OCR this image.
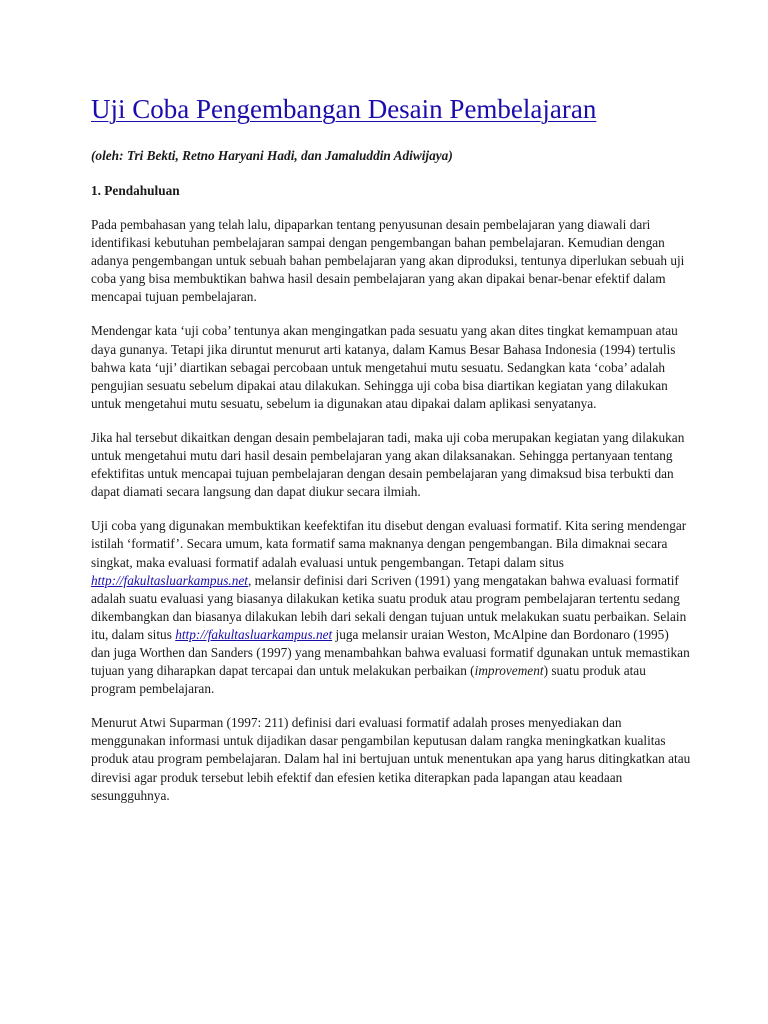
Uji Coba Pengembangan Desain Pembelajaran
(oleh: Tri Bekti, Retno Haryani Hadi, dan Jamaluddin Adiwijaya)
1. Pendahuluan

Pada pembahasan yang telah lalu, dipaparkan tentang penyusunan desain pembelajaran yang diawali dari identifikasi kebutuhan pembelajaran sampai dengan pengembangan bahan pembelajaran. Kemudian dengan adanya pengembangan untuk sebuah bahan pembelajaran yang akan diproduksi, tentunya diperlukan sebuah uji coba yang bisa membuktikan bahwa hasil desain pembelajaran yang akan dipakai benar-benar efektif dalam mencapai tujuan pembelajaran.

Mendengar kata ‘uji coba’ tentunya akan mengingatkan pada sesuatu yang akan dites tingkat kemampuan atau daya gunanya. Tetapi jika diruntut menurut arti katanya, dalam Kamus Besar Bahasa Indonesia (1994) tertulis bahwa kata ‘uji’ diartikan sebagai percobaan untuk mengetahui mutu sesuatu. Sedangkan kata ‘coba’ adalah pengujian sesuatu sebelum dipakai atau dilakukan. Sehingga uji coba bisa diartikan kegiatan yang dilakukan untuk mengetahui mutu sesuatu, sebelum ia digunakan atau dipakai dalam aplikasi senyatanya.

Jika hal tersebut dikaitkan dengan desain pembelajaran tadi, maka uji coba merupakan kegiatan yang dilakukan untuk mengetahui mutu dari hasil desain pembelajaran yang akan dilaksanakan. Sehingga pertanyaan tentang efektifitas untuk mencapai tujuan pembelajaran dengan desain pembelajaran yang dimaksud bisa terbukti dan dapat diamati secara langsung dan dapat diukur secara ilmiah.

Uji coba yang digunakan membuktikan keefektifan itu disebut dengan evaluasi formatif. Kita sering mendengar istilah ‘formatif’. Secara umum, kata formatif sama maknanya dengan pengembangan. Bila dimaknai secara singkat, maka evaluasi formatif adalah evaluasi untuk pengembangan. Tetapi dalam situs http://fakultasluarkampus.net, melansir definisi dari Scriven (1991) yang mengatakan bahwa evaluasi formatif adalah suatu evaluasi yang biasanya dilakukan ketika suatu produk atau program pembelajaran tertentu sedang dikembangkan dan biasanya dilakukan lebih dari sekali dengan tujuan untuk melakukan suatu perbaikan. Selain itu, dalam situs http://fakultasluarkampus.net juga melansir uraian Weston, McAlpine dan Bordonaro (1995) dan juga Worthen dan Sanders (1997) yang menambahkan bahwa evaluasi formatif dgunakan untuk memastikan tujuan yang diharapkan dapat tercapai dan untuk melakukan perbaikan (improvement) suatu produk atau program pembelajaran.

Menurut Atwi Suparman (1997: 211) definisi dari evaluasi formatif adalah proses menyediakan dan menggunakan informasi untuk dijadikan dasar pengambilan keputusan dalam rangka meningkatkan kualitas produk atau program pembelajaran. Dalam hal ini bertujuan untuk menentukan apa yang harus ditingkatkan atau direvisi agar produk tersebut lebih efektif dan efesien ketika diterapkan pada lapangan atau keadaan sesungguhnya.
